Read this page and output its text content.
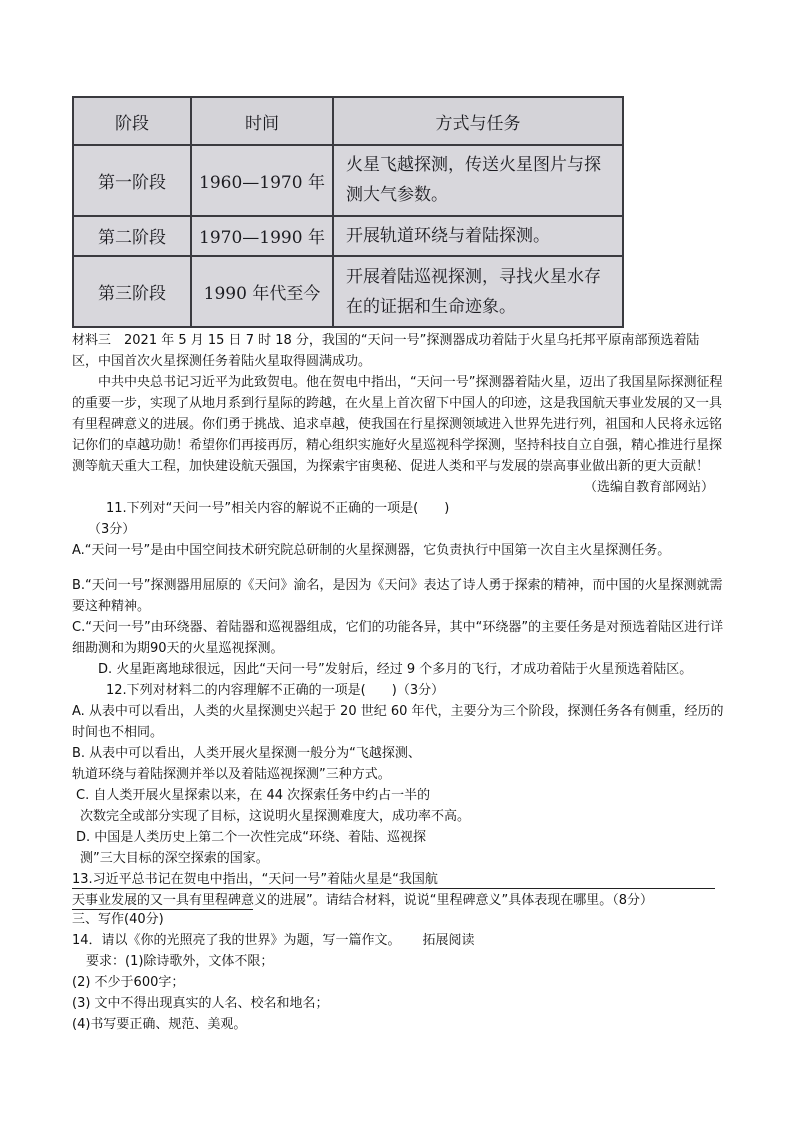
阶段	时间	方式与任务
第一阶段	1960—1970 年	火星飞越探测，传送火星图片与探测大气参数。
第二阶段	1970—1990 年	开展轨道环绕与着陆探测。
第三阶段	1990 年代至今	开展着陆巡视探测，寻找火星水存在的证据和生命迹象。

材料三　2021 年 5 月 15 日 7 时 18 分，我国的“天问一号”探测器成功着陆于火星乌托邦平原南部预选着陆区，中国首次火星探测任务着陆火星取得圆满成功。

中共中央总书记习近平为此致贺电。他在贺电中指出，“天问一号”探测器着陆火星，迈出了我国星际探测征程的重要一步，实现了从地月系到行星际的跨越，在火星上首次留下中国人的印迹，这是我国航天事业发展的又一具有里程碑意义的进展。你们勇于挑战、追求卓越，使我国在行星探测领域进入世界先进行列，祖国和人民将永远铭记你们的卓越功勋！希望你们再接再厉，精心组织实施好火星巡视科学探测，坚持科技自立自强，精心推进行星探测等航天重大工程，加快建设航天强国，为探索宇宙奥秘、促进人类和平与发展的崇高事业做出新的更大贡献！

（选编自教育部网站）

11.下列对“天问一号”相关内容的解说不正确的一项是(　　)

（3分）

A.“天问一号”是由中国空间技术研究院总研制的火星探测器，它负责执行中国第一次自主火星探测任务。

B.“天问一号”探测器用屈原的《天问》渝名，是因为《天问》表达了诗人勇于探索的精神，而中国的火星探测就需要这种精神。

C.“天问一号”由环绕器、着陆器和巡视器组成，它们的功能各异，其中“环绕器”的主要任务是对预选着陆区进行详细勘测和为期90天的火星巡视探测。

D. 火星距离地球很远，因此“天问一号”发射后，经过 9 个多月的飞行，才成功着陆于火星预选着陆区。

12.下列对材料二的内容理解不正确的一项是(　　)（3分）

A. 从表中可以看出，人类的火星探测史兴起于 20 世纪 60 年代，主要分为三个阶段，探测任务各有侧重，经历的时间也不相同。

B. 从表中可以看出，人类开展火星探测一般分为“飞越探测、

轨道环绕与着陆探测并举以及着陆巡视探测”三种方式。

C. 自人类开展火星探索以来，在 44 次探索任务中约占一半的

次数完全或部分实现了目标，这说明火星探测难度大，成功率不高。

D. 中国是人类历史上第二个一次性完成“环绕、着陆、巡视探

测”三大目标的深空探索的国家。

13.习近平总书记在贺电中指出，“天问一号”着陆火星是“我国航

天事业发展的又一具有里程碑意义的进展”。请结合材料，说说“里程碑意义”具体表现在哪里。（8分）

三、写作(40分)

14．请以《你的光照亮了我的世界》为题，写一篇作文。 拓展阅读

要求：(1)除诗歌外，文体不限；

(2) 不少于600字；

(3) 文中不得出现真实的人名、校名和地名；

(4)书写要正确、规范、美观。
